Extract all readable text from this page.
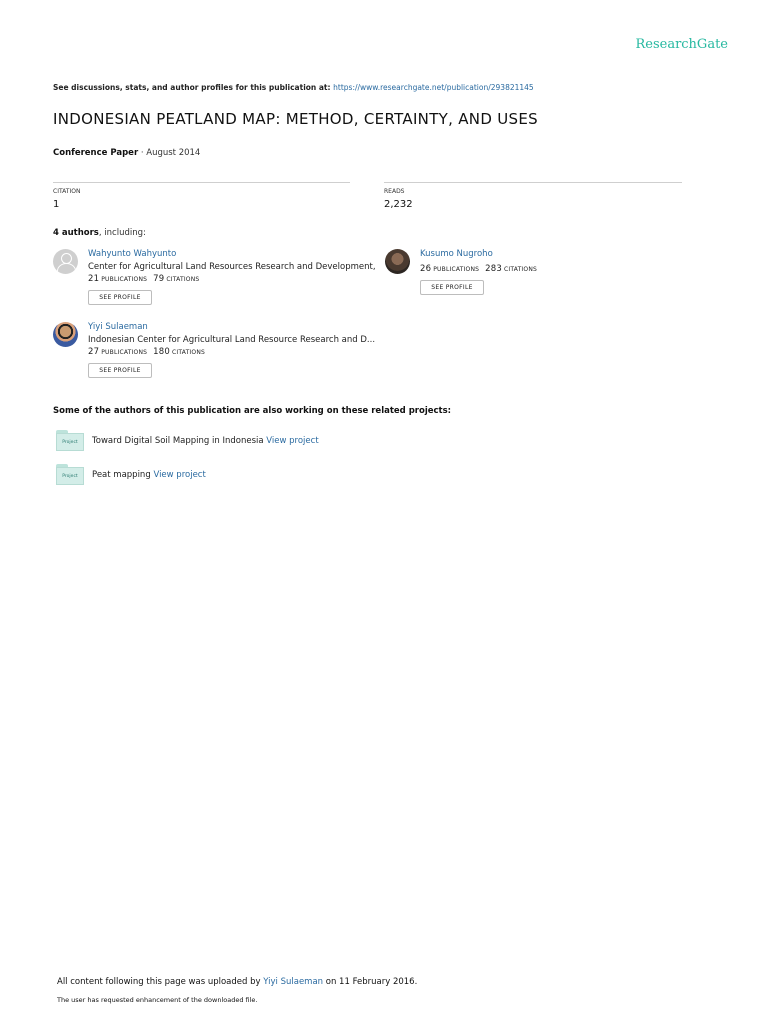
ResearchGate
See discussions, stats, and author profiles for this publication at: https://www.researchgate.net/publication/293821145
INDONESIAN PEATLAND MAP: METHOD, CERTAINTY, AND USES
Conference Paper · August 2014
CITATION
1
READS
2,232
4 authors, including:
Wahyunto Wahyunto
Center for Agricultural Land Resources Research and Development,
21 PUBLICATIONS 79 CITATIONS
SEE PROFILE
Kusumo Nugroho
26 PUBLICATIONS 283 CITATIONS
SEE PROFILE
Yiyi Sulaeman
Indonesian Center for Agricultural Land Resource Research and D...
27 PUBLICATIONS 180 CITATIONS
SEE PROFILE
Some of the authors of this publication are also working on these related projects:
Project	Toward Digital Soil Mapping in Indonesia View project
Project	Peat mapping View project
All content following this page was uploaded by Yiyi Sulaeman on 11 February 2016.
The user has requested enhancement of the downloaded file.
